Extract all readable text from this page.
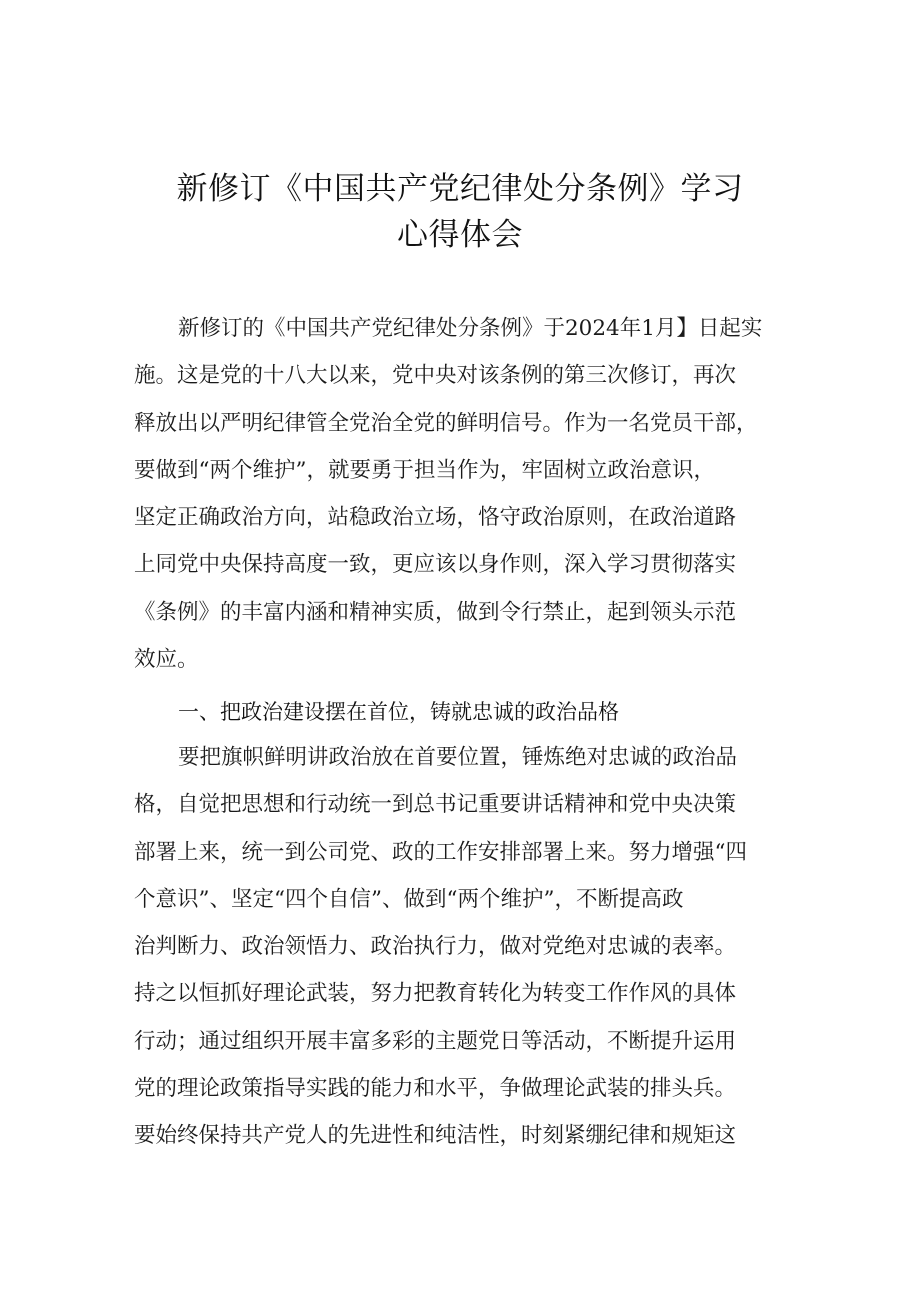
新修订《中国共产党纪律处分条例》学习
心得体会
新修订的《中国共产党纪律处分条例》于2024年1月】日起实
施。这是党的十八大以来，党中央对该条例的第三次修订，再次
释放出以严明纪律管全党治全党的鲜明信号。作为一名党员干部，
要做到“两个维护”，就要勇于担当作为，牢固树立政治意识，
坚定正确政治方向，站稳政治立场，恪守政治原则，在政治道路
上同党中央保持高度一致，更应该以身作则，深入学习贯彻落实
《条例》的丰富内涵和精神实质，做到令行禁止，起到领头示范
效应。
一、把政治建设摆在首位，铸就忠诚的政治品格
要把旗帜鲜明讲政治放在首要位置，锤炼绝对忠诚的政治品
格，自觉把思想和行动统一到总书记重要讲话精神和党中央决策
部署上来，统一到公司党、政的工作安排部署上来。努力增强“四
个意识”、坚定“四个自信”、做到“两个维护”，不断提高政
治判断力、政治领悟力、政治执行力，做对党绝对忠诚的表率。
持之以恒抓好理论武装，努力把教育转化为转变工作作风的具体
行动；通过组织开展丰富多彩的主题党日等活动，不断提升运用
党的理论政策指导实践的能力和水平，争做理论武装的排头兵。
要始终保持共产党人的先进性和纯洁性，时刻紧绷纪律和规矩这
